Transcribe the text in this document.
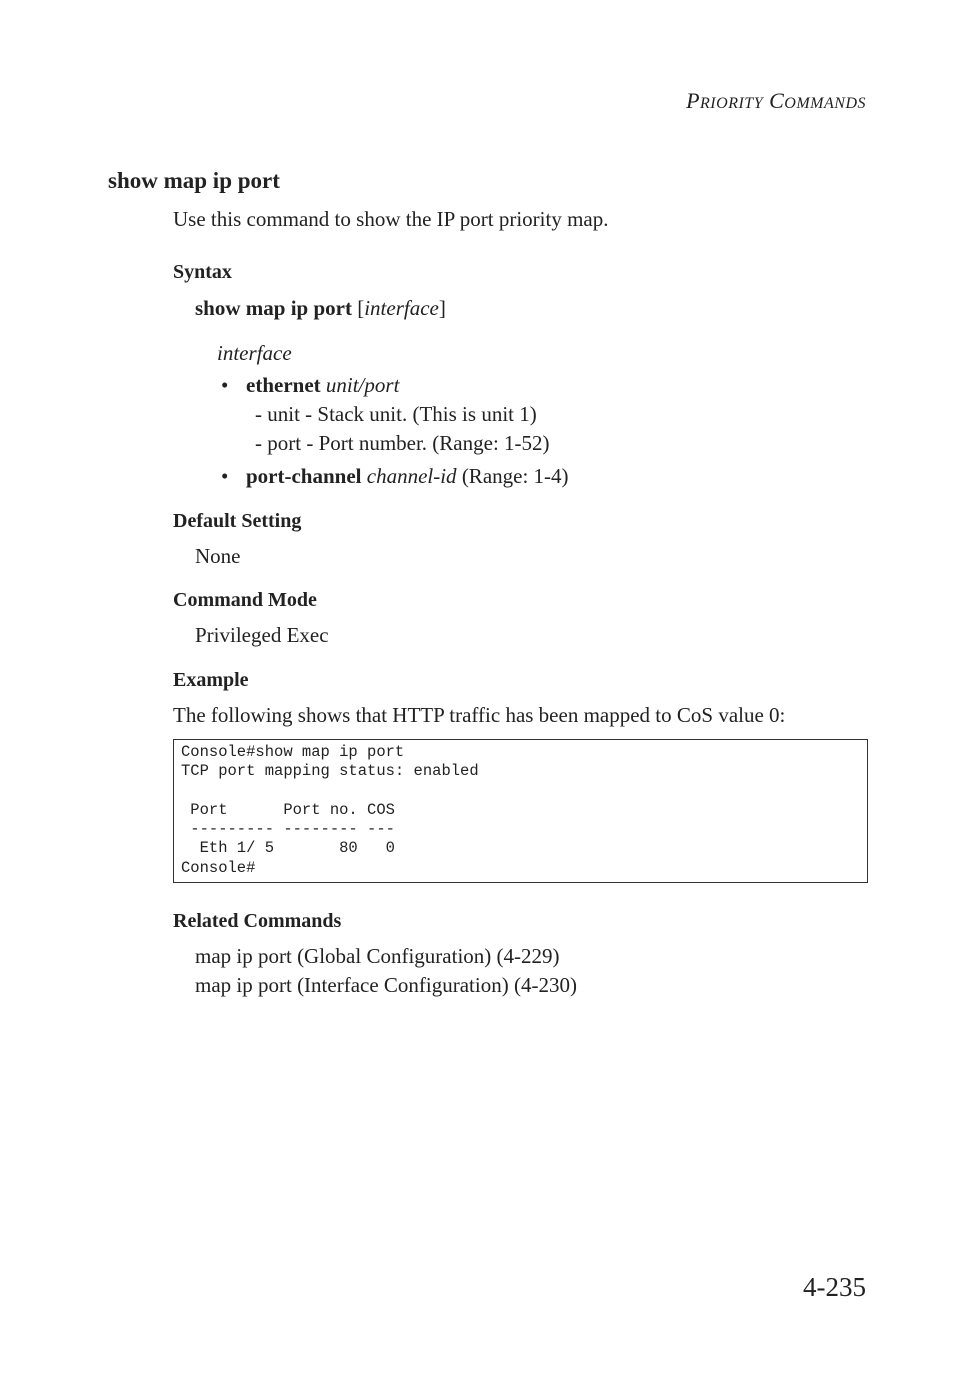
PRIORITY COMMANDS
show map ip port
Use this command to show the IP port priority map.
Syntax
show map ip port [interface]
interface
• ethernet unit/port
- unit - Stack unit. (This is unit 1)
- port - Port number. (Range: 1-52)
• port-channel channel-id (Range: 1-4)
Default Setting
None
Command Mode
Privileged Exec
Example
The following shows that HTTP traffic has been mapped to CoS value 0:
Console#show map ip port
TCP port mapping status: enabled

Port      Port no. COS
--------- -------- ---
Eth 1/ 5       80   0
Console#
Related Commands
map ip port (Global Configuration) (4-229)
map ip port (Interface Configuration) (4-230)
4-235
